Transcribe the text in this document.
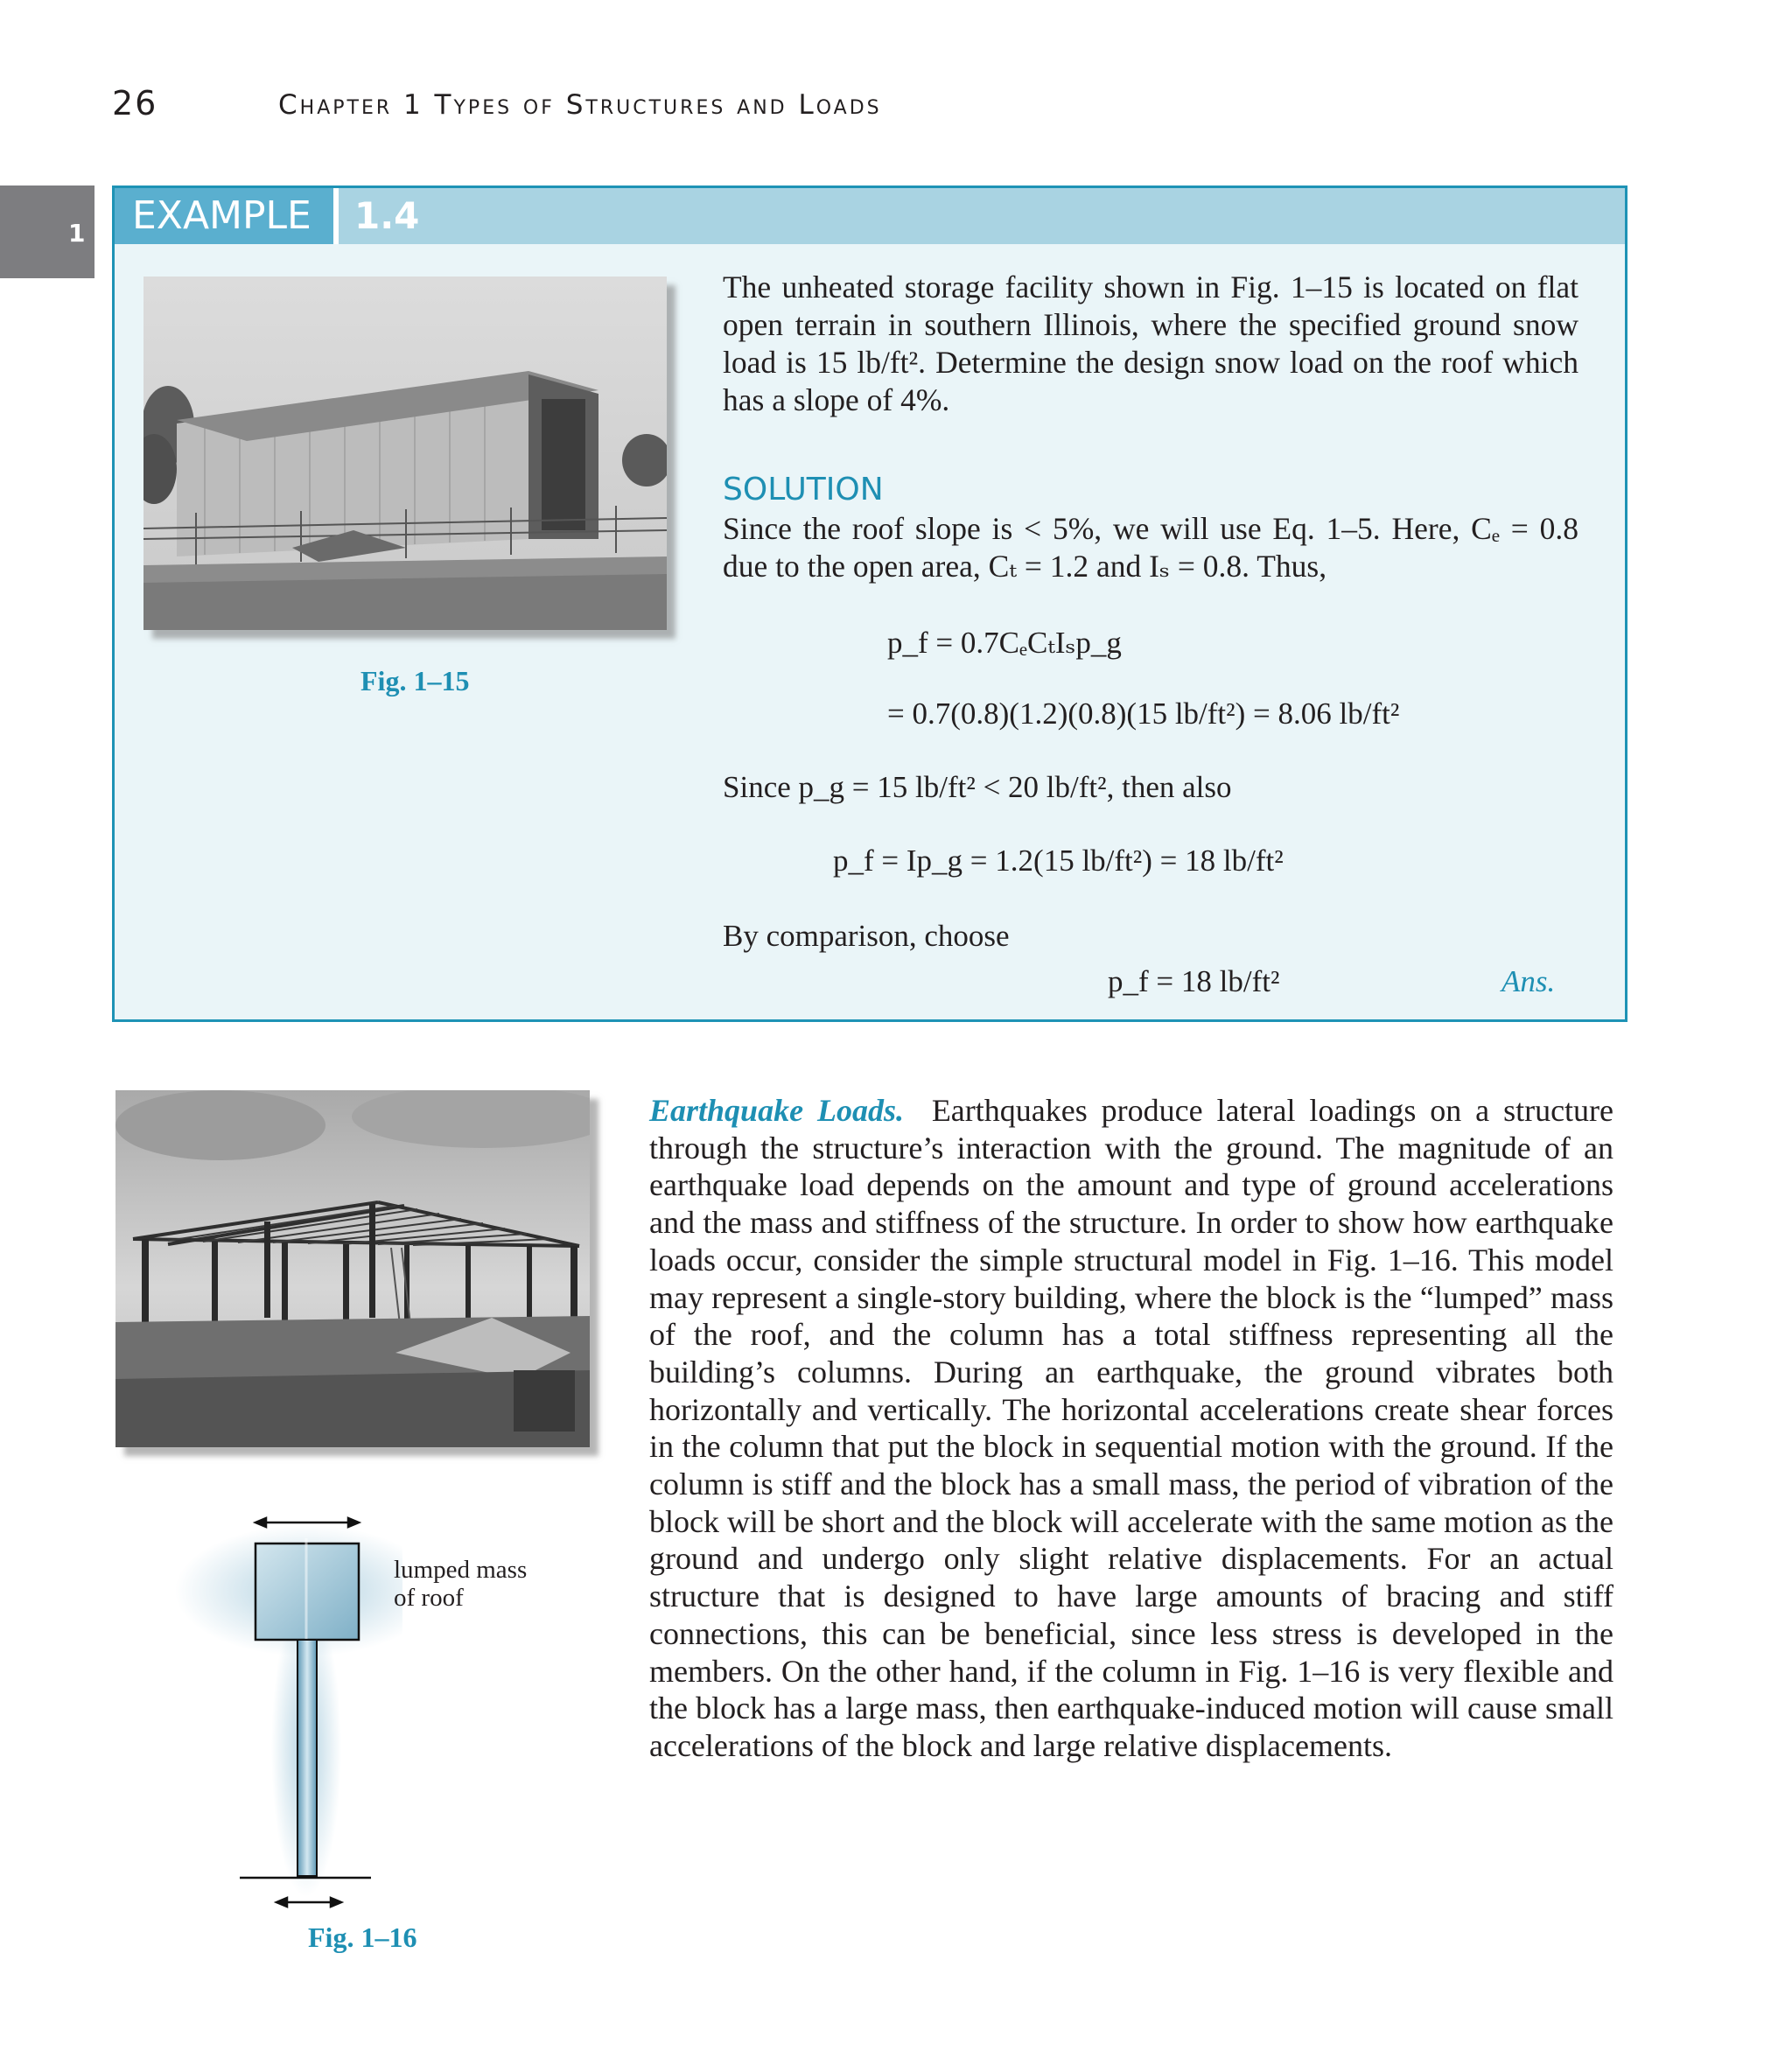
26	Chapter 1 Types of Structures and Loads
1	EXAMPLE	1.4
Fig. 1–15
The unheated storage facility shown in Fig. 1–15 is located on flat open terrain in southern Illinois, where the specified ground snow load is 15 lb/ft². Determine the design snow load on the roof which has a slope of 4%.
SOLUTION
Since the roof slope is < 5%, we will use Eq. 1–5. Here, Cₑ = 0.8 due to the open area, Cₜ = 1.2 and Iₛ = 0.8. Thus,
p_f = 0.7CₑCₜIₛp_g
= 0.7(0.8)(1.2)(0.8)(15 lb/ft²) = 8.06 lb/ft²
Since p_g = 15 lb/ft² < 20 lb/ft², then also
p_f = Ip_g = 1.2(15 lb/ft²) = 18 lb/ft²
By comparison, choose
p_f = 18 lb/ft²	Ans.
lumped mass
of roof
Fig. 1–16
Earthquake Loads. Earthquakes produce lateral loadings on a structure through the structure’s interaction with the ground. The magnitude of an earthquake load depends on the amount and type of ground accelerations and the mass and stiffness of the structure. In order to show how earthquake loads occur, consider the simple structural model in Fig. 1–16. This model may represent a single-story building, where the block is the “lumped” mass of the roof, and the column has a total stiffness representing all the building’s columns. During an earthquake, the ground vibrates both horizontally and vertically. The horizontal accelerations create shear forces in the column that put the block in sequential motion with the ground. If the column is stiff and the block has a small mass, the period of vibration of the block will be short and the block will accelerate with the same motion as the ground and undergo only slight relative displacements. For an actual structure that is designed to have large amounts of bracing and stiff connections, this can be beneficial, since less stress is developed in the members. On the other hand, if the column in Fig. 1–16 is very flexible and the block has a large mass, then earthquake-induced motion will cause small accelerations of the block and large relative displacements.
